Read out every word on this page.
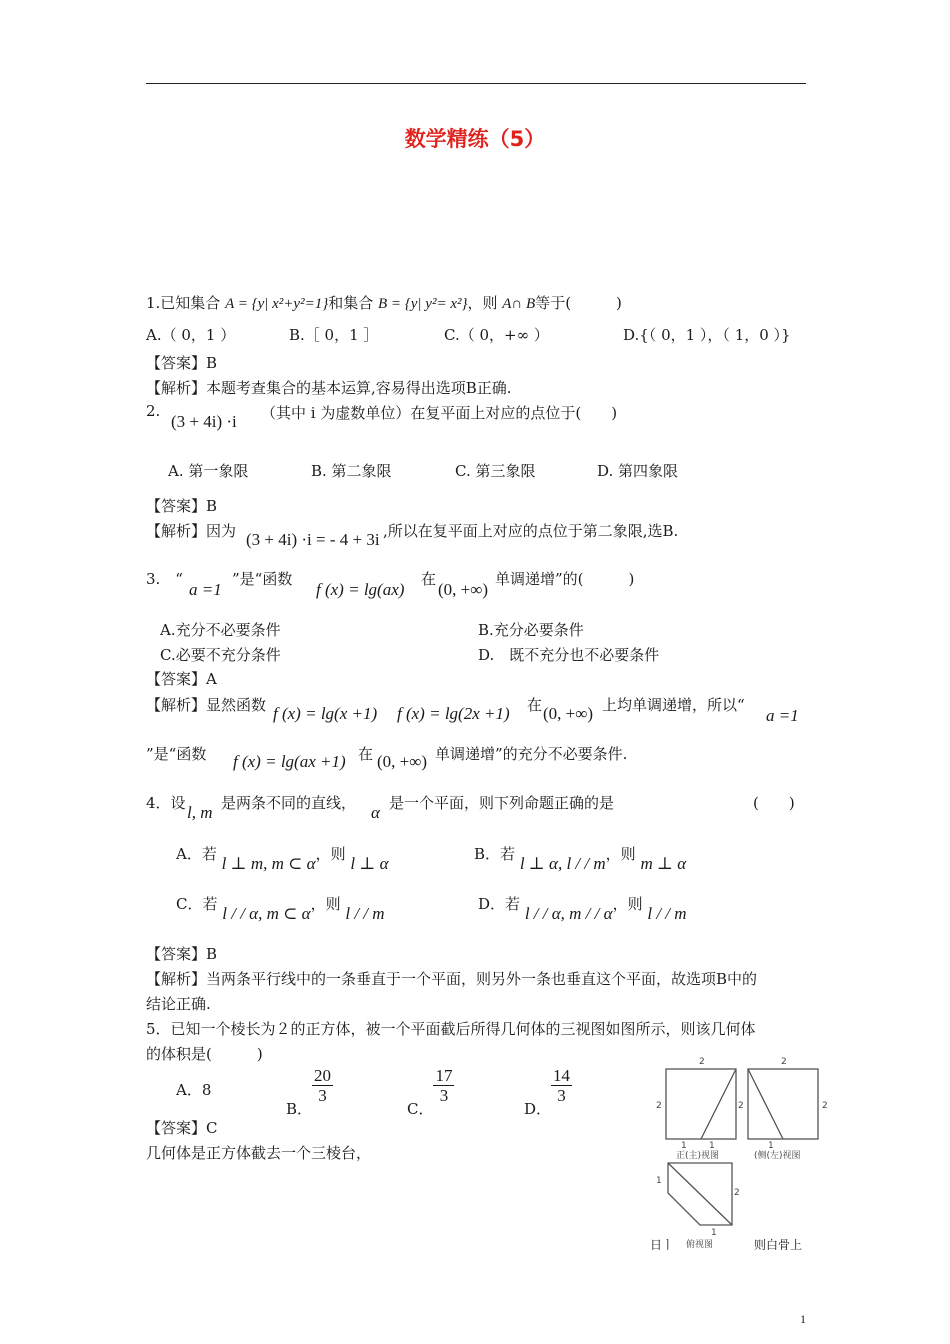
数学精练（5）
1.已知集合 A = {y| x²+y²=1}和集合 B = {y| y²= x²}，则 A∩ B等于(　　　)
A.（ 0，1 ）	B.［ 0，1 ］	C.（ 0，+∞ ）	D.{（ 0，1 ），（ 1，0 ）}
【答案】B
【解析】本题考查集合的基本运算,容易得出选项B正确.
2.
(3 + 4i) ·i （其中 i 为虚数单位）在复平面上对应的点位于(　　)
A. 第一象限	B. 第二象限	C. 第三象限	D. 第四象限
【答案】B
【解析】因为 (3 + 4i) ·i = - 4 + 3i ,所以在复平面上对应的点位于第二象限,选B.
3.　“
a =1
”是“函数
f (x) = lg(ax)
在
(0, +∞)
单调递增”的(　　　)
A.充分不必要条件	B.充分必要条件
C.必要不充分条件	D.　既不充分也不必要条件
【答案】A
【解析】显然函数 f (x) = lg(x +1) f (x) = lg(2x +1) 在 (0, +∞) 上均单调递增，所以“
a =1
”是“函数 f (x) = lg(ax +1) 在 (0, +∞) 单调递增”的充分不必要条件.
4．设 l, m 是两条不同的直线， α 是一个平面，则下列命题正确的是	(　　)
A．若 l ⊥ m, m ⊂ α，则 l ⊥ α	B．若 l ⊥ α, l / / m，则 m ⊥ α
C．若 l / / α, m ⊂ α，则 l / / m	D．若 l / / α, m / / α，则 l / / m
【答案】B
【解析】当两条平行线中的一条垂直于一个平面，则另外一条也垂直这个平面，故选项B中的
结论正确.
5．已知一个棱长为２的正方体，被一个平面截后所得几何体的三视图如图所示，则该几何体
的体积是(　　　)
A．8
B．
$\frac{20}{3}$
C．
$\frac{17}{3}$
D．
$\frac{14}{3}$
【答案】C
几何体是正方体截去一个三棱台，
2
2	2
1 1
正(主)视图
2
2
1
(侧(左)视图
1
2
1
俯视图
日ㅣ	则白骨上
1
